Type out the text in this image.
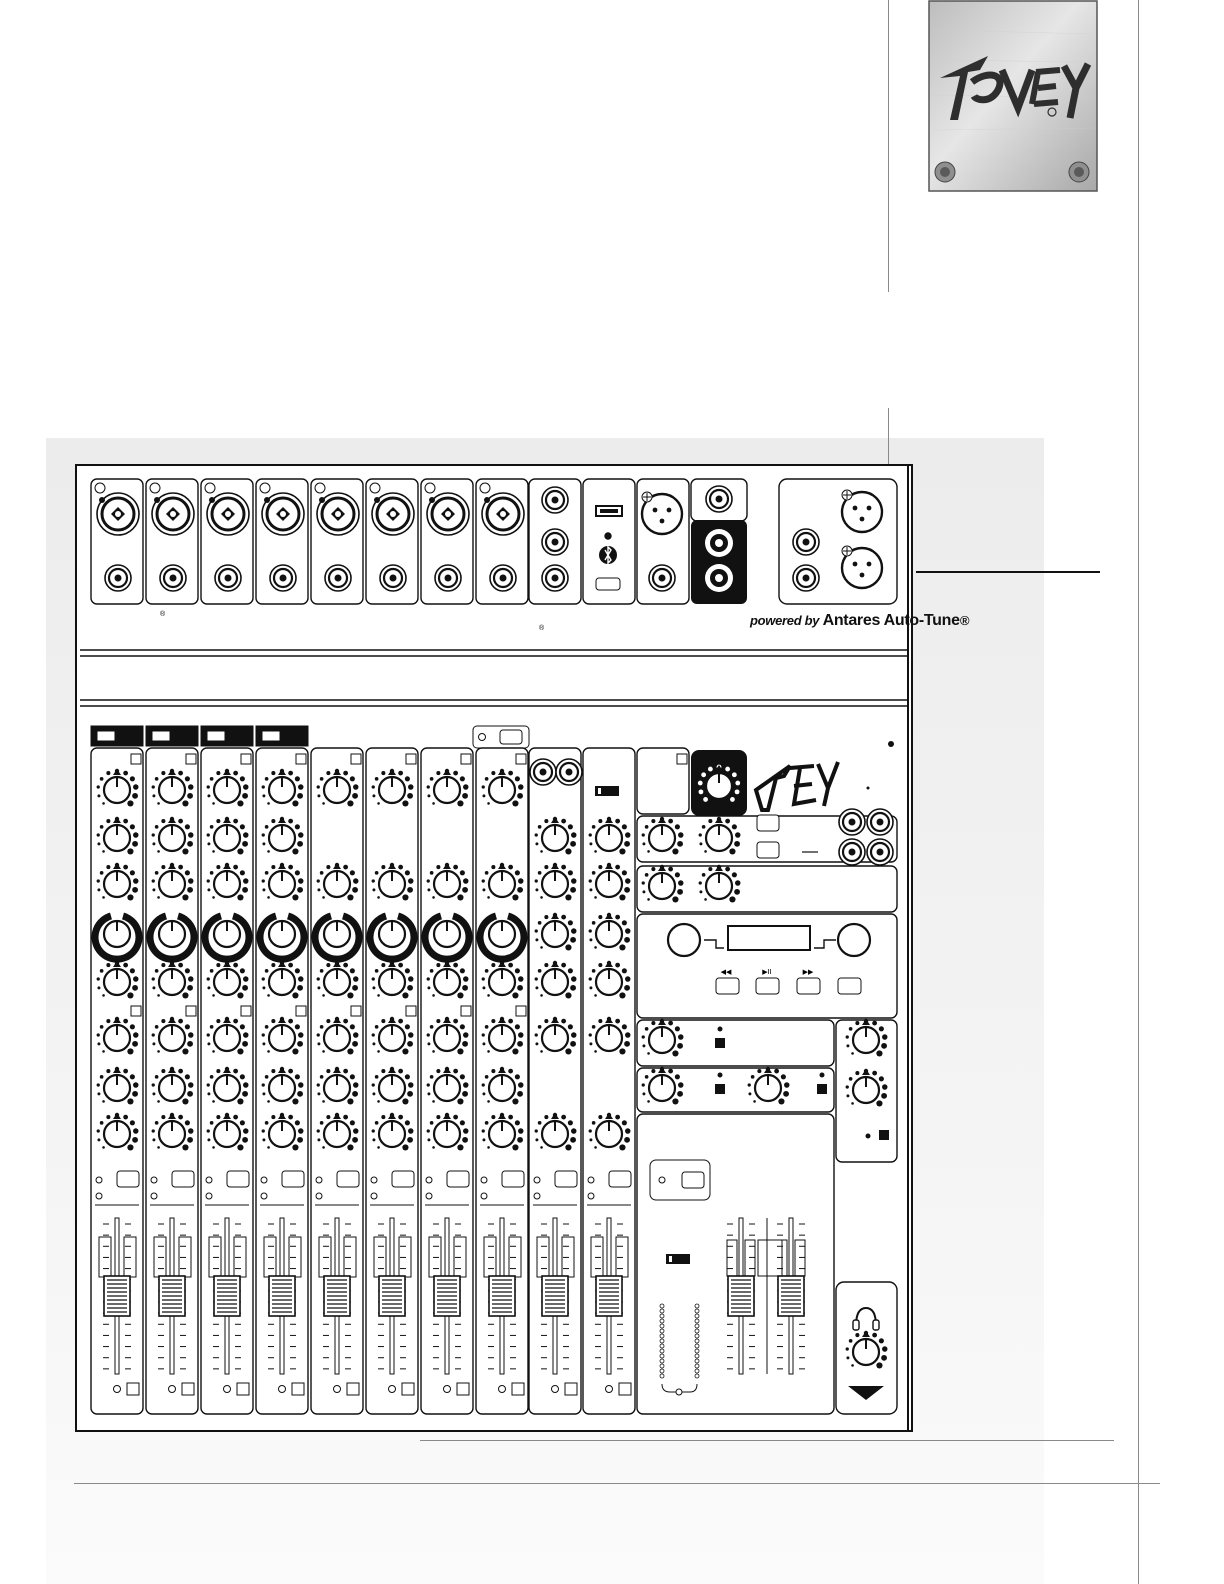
®
®
◀◀	▶II	▶▶
powered by Antares Auto-Tune®
